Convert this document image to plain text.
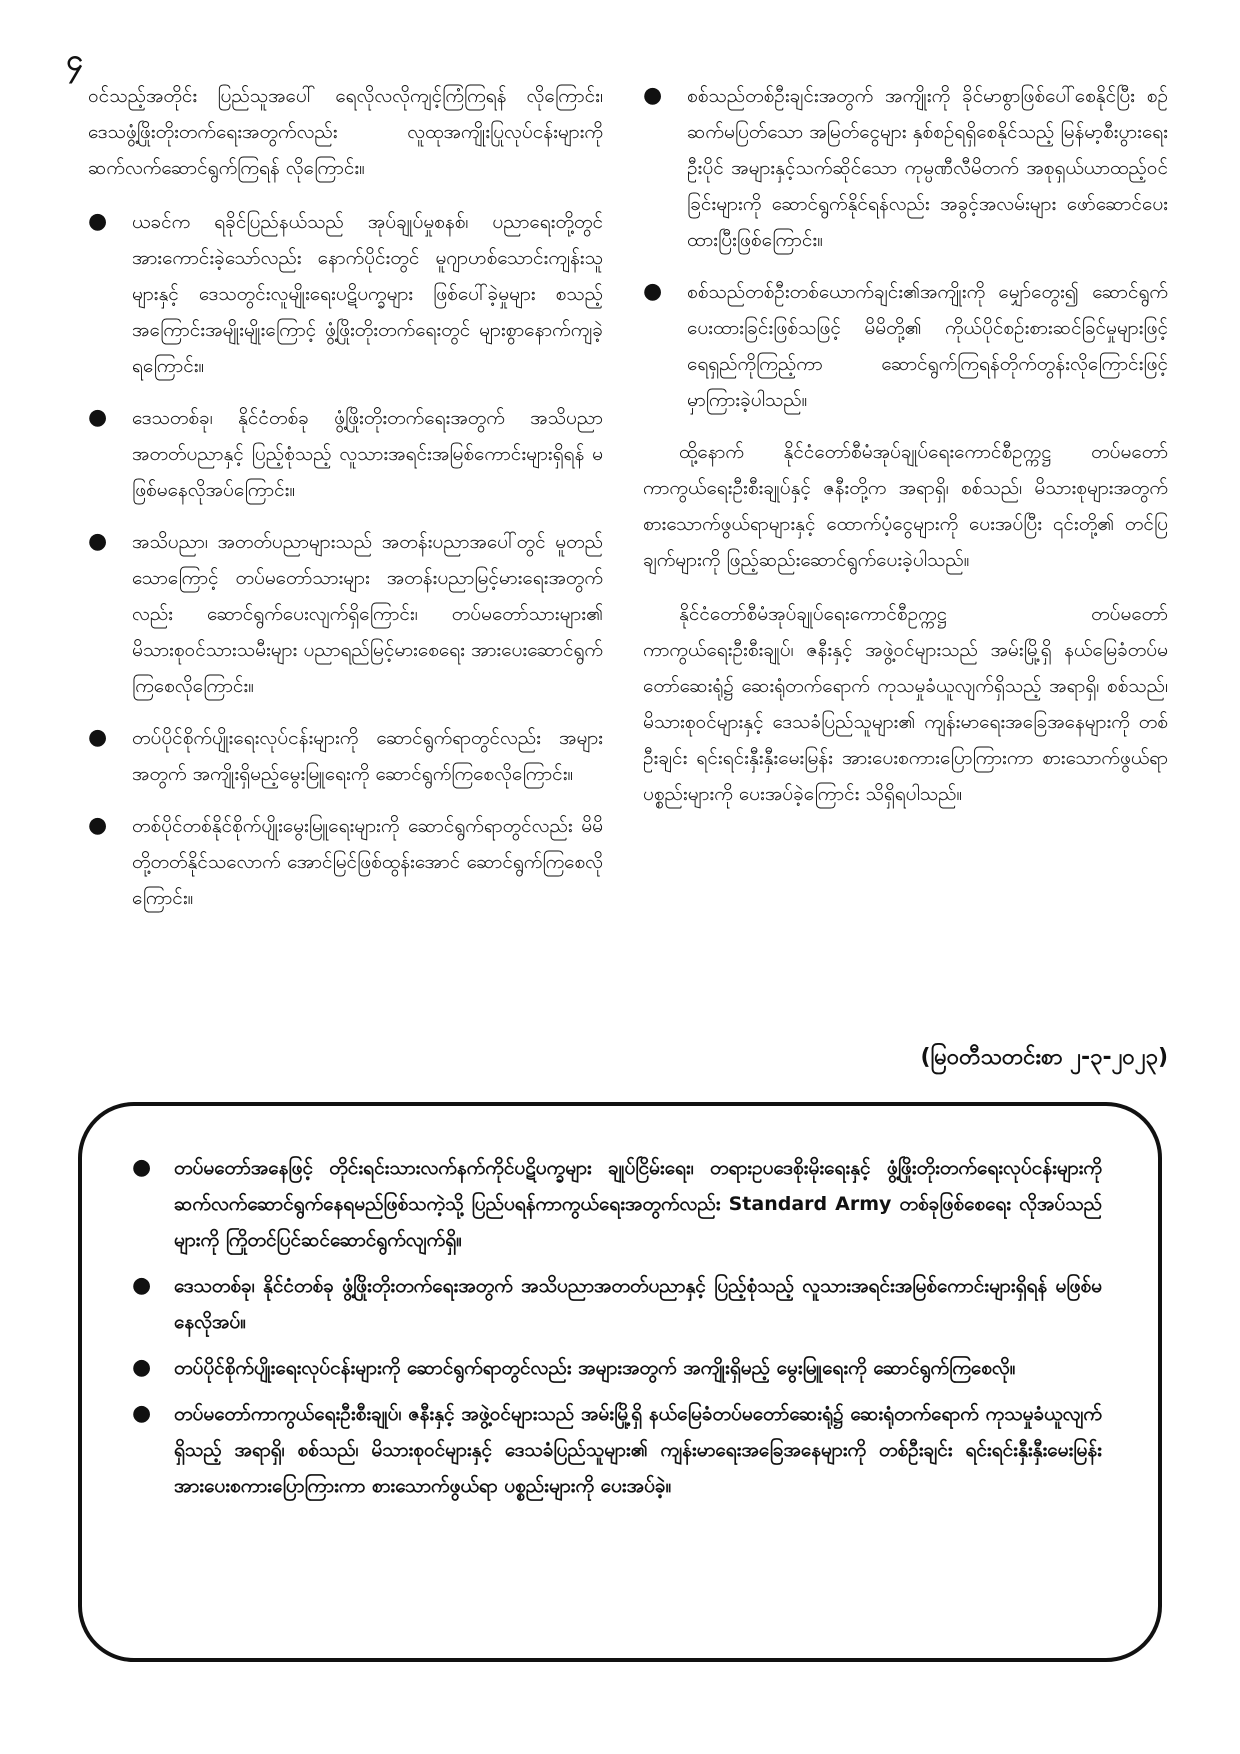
၄

ဝင်သည့်အတိုင်း ပြည်သူအပေါ် ရေလိုလလိုကျင့်ကြံကြရန် လိုကြောင်း၊ ဒေသဖွံ့ဖြိုးတိုးတက်ရေးအတွက်လည်း လူထုအကျိုးပြုလုပ်ငန်းများကို ဆက်လက်ဆောင်ရွက်ကြရန် လိုကြောင်း။

● ယခင်က ရခိုင်ပြည်နယ်သည် အုပ်ချုပ်မှုစနစ်၊ ပညာရေးတို့တွင် အားကောင်းခဲ့သော်လည်း နောက်ပိုင်းတွင် မူဂျာဟစ်သောင်းကျန်းသူများနှင့် ဒေသတွင်းလူမျိုးရေးပဋိပက္ခများ ဖြစ်ပေါ်ခဲ့မှုများ စသည့်အကြောင်းအမျိုးမျိုးကြောင့် ဖွံ့ဖြိုးတိုးတက်ရေးတွင် များစွာနောက်ကျခဲ့ရကြောင်း။
● ဒေသတစ်ခု၊ နိုင်ငံတစ်ခု ဖွံ့ဖြိုးတိုးတက်ရေးအတွက် အသိပညာ အတတ်ပညာနှင့် ပြည့်စုံသည့် လူသားအရင်းအမြစ်ကောင်းများရှိရန် မဖြစ်မနေလိုအပ်ကြောင်း။
● အသိပညာ၊ အတတ်ပညာများသည် အတန်းပညာအပေါ်တွင် မူတည်သောကြောင့် တပ်မတော်သားများ အတန်းပညာမြင့်မားရေးအတွက်လည်း ဆောင်ရွက်ပေးလျက်ရှိကြောင်း၊ တပ်မတော်သားများ၏ မိသားစုဝင်သားသမီးများ ပညာရည်မြင့်မားစေရေး အားပေးဆောင်ရွက်ကြစေလိုကြောင်း။
● တပ်ပိုင်စိုက်ပျိုးရေးလုပ်ငန်းများကို ဆောင်ရွက်ရာတွင်လည်း အများအတွက် အကျိုးရှိမည့်မွေးမြူရေးကို ဆောင်ရွက်ကြစေလိုကြောင်း။
● တစ်ပိုင်တစ်နိုင်စိုက်ပျိုးမွေးမြူရေးများကို ဆောင်ရွက်ရာတွင်လည်း မိမိတို့တတ်နိုင်သလောက် အောင်မြင်ဖြစ်ထွန်းအောင် ဆောင်ရွက်ကြစေလိုကြောင်း။
● စစ်သည်တစ်ဦးချင်းအတွက် အကျိုးကို ခိုင်မာစွာဖြစ်ပေါ်စေနိုင်ပြီး စဉ်ဆက်မပြတ်သော အမြတ်ငွေများ နှစ်စဉ်ရရှိစေနိုင်သည့် မြန်မာ့စီးပွားရေးဦးပိုင် အများနှင့်သက်ဆိုင်သော ကုမ္ပဏီလီမိတက် အစုရှယ်ယာထည့်ဝင်ခြင်းများကို ဆောင်ရွက်နိုင်ရန်လည်း အခွင့်အလမ်းများ ဖော်ဆောင်ပေးထားပြီးဖြစ်ကြောင်း။
● စစ်သည်တစ်ဦးတစ်ယောက်ချင်း၏အကျိုးကို မျှော်တွေး၍ ဆောင်ရွက်ပေးထားခြင်းဖြစ်သဖြင့် မိမိတို့၏ ကိုယ်ပိုင်စဉ်းစားဆင်ခြင်မှုများဖြင့် ရေရှည်ကိုကြည့်ကာ ဆောင်ရွက်ကြရန်တိုက်တွန်းလိုကြောင်းဖြင့် မှာကြားခဲ့ပါသည်။

ထို့နောက် နိုင်ငံတော်စီမံအုပ်ချုပ်ရေးကောင်စီဥက္ကဋ္ဌ တပ်မတော်ကာကွယ်ရေးဦးစီးချုပ်နှင့် ဇနီးတို့က အရာရှိ၊ စစ်သည်၊ မိသားစုများအတွက် စားသောက်ဖွယ်ရာများနှင့် ထောက်ပံ့ငွေများကို ပေးအပ်ပြီး ၎င်းတို့၏ တင်ပြချက်များကို ဖြည့်ဆည်းဆောင်ရွက်ပေးခဲ့ပါသည်။

နိုင်ငံတော်စီမံအုပ်ချုပ်ရေးကောင်စီဥက္ကဋ္ဌ တပ်မတော်ကာကွယ်ရေးဦးစီးချုပ်၊ ဇနီးနှင့် အဖွဲ့ဝင်များသည် အမ်းမြို့ရှိ နယ်မြေခံတပ်မတော်ဆေးရုံ၌ ဆေးရုံတက်ရောက် ကုသမှုခံယူလျက်ရှိသည့် အရာရှိ၊ စစ်သည်၊ မိသားစုဝင်များနှင့် ဒေသခံပြည်သူများ၏ ကျန်းမာရေးအခြေအနေများကို တစ်ဦးချင်း ရင်းရင်းနှီးနှီးမေးမြန်း အားပေးစကားပြောကြားကာ စားသောက်ဖွယ်ရာပစ္စည်းများကို ပေးအပ်ခဲ့ကြောင်း သိရှိရပါသည်။

(မြဝတီသတင်းစာ ၂-၃-၂၀၂၃)
● တပ်မတော်အနေဖြင့် တိုင်းရင်းသားလက်နက်ကိုင်ပဋိပက္ခများ ချုပ်ငြိမ်းရေး၊ တရားဥပဒေစိုးမိုးရေးနှင့် ဖွံ့ဖြိုးတိုးတက်ရေးလုပ်ငန်းများကို ဆက်လက်ဆောင်ရွက်နေရမည်ဖြစ်သကဲ့သို့ ပြည်ပရန်ကာကွယ်ရေးအတွက်လည်း Standard Army တစ်ခုဖြစ်စေရေး လိုအပ်သည်များကို ကြိုတင်ပြင်ဆင်ဆောင်ရွက်လျက်ရှိ။
● ဒေသတစ်ခု၊ နိုင်ငံတစ်ခု ဖွံ့ဖြိုးတိုးတက်ရေးအတွက် အသိပညာအတတ်ပညာနှင့် ပြည့်စုံသည့် လူသားအရင်းအမြစ်ကောင်းများရှိရန် မဖြစ်မနေလိုအပ်။
● တပ်ပိုင်စိုက်ပျိုးရေးလုပ်ငန်းများကို ဆောင်ရွက်ရာတွင်လည်း အများအတွက် အကျိုးရှိမည့် မွေးမြူရေးကို ဆောင်ရွက်ကြစေလို။
● တပ်မတော်ကာကွယ်ရေးဦးစီးချုပ်၊ ဇနီးနှင့် အဖွဲ့ဝင်များသည် အမ်းမြို့ရှိ နယ်မြေခံတပ်မတော်ဆေးရုံ၌ ဆေးရုံတက်ရောက် ကုသမှုခံယူလျက်ရှိသည့် အရာရှိ၊ စစ်သည်၊ မိသားစုဝင်များနှင့် ဒေသခံပြည်သူများ၏ ကျန်းမာရေးအခြေအနေများကို တစ်ဦးချင်း ရင်းရင်းနှီးနှီးမေးမြန်းအားပေးစကားပြောကြားကာ စားသောက်ဖွယ်ရာ ပစ္စည်းများကို ပေးအပ်ခဲ့။
